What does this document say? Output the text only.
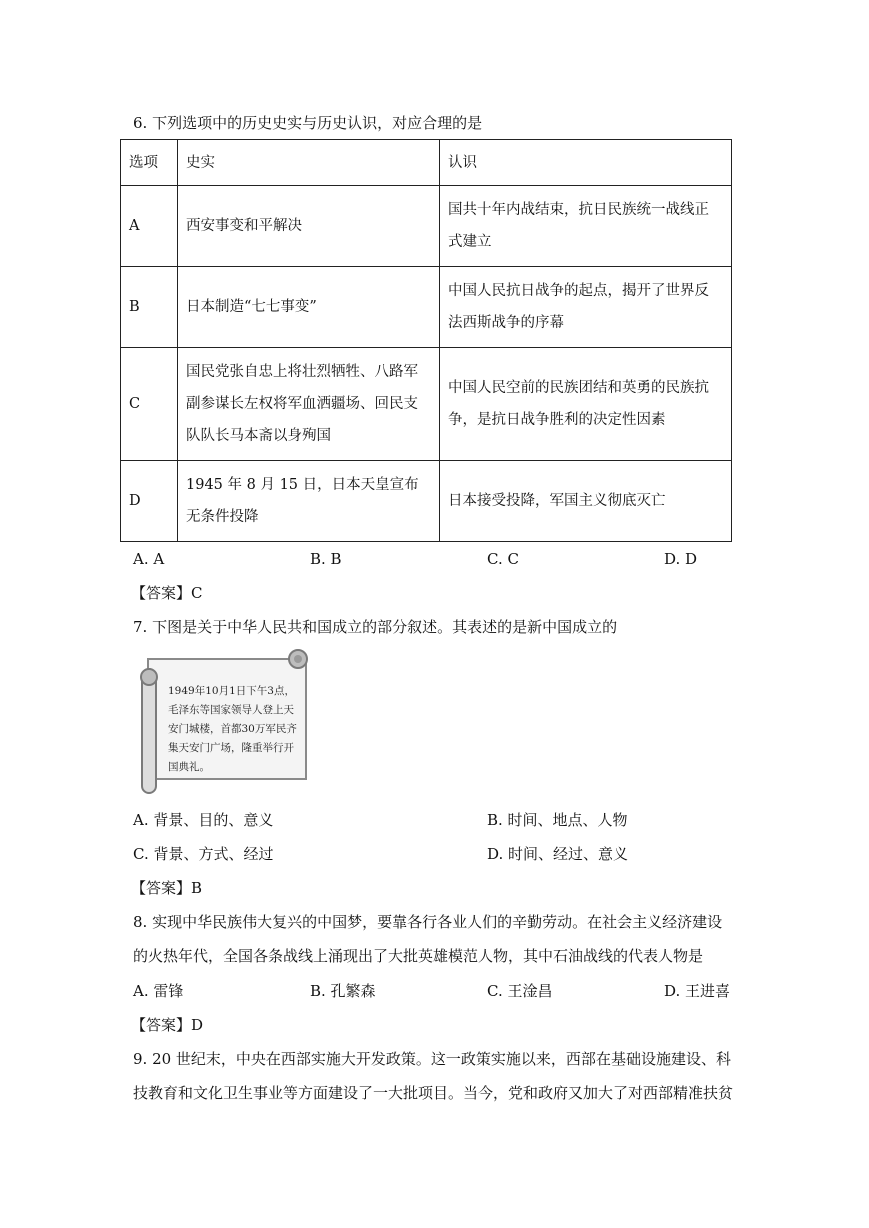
6. 下列选项中的历史史实与历史认识，对应合理的是
选项	史实	认识
A	西安事变和平解决	国共十年内战结束，抗日民族统一战线正式建立
B	日本制造“七七事变”	中国人民抗日战争的起点，揭开了世界反法西斯战争的序幕
C	国民党张自忠上将壮烈牺牲、八路军副参谋长左权将军血洒疆场、回民支队队长马本斋以身殉国	中国人民空前的民族团结和英勇的民族抗争，是抗日战争胜利的决定性因素
D	1945 年 8 月 15 日，日本天皇宣布无条件投降	日本接受投降，军国主义彻底灭亡
A. A	B. B	C. C	D. D
【答案】C
7. 下图是关于中华人民共和国成立的部分叙述。其表述的是新中国成立的
1949年10月1日下午3点，毛泽东等国家领导人登上天安门城楼，首都30万军民齐集天安门广场，隆重举行开国典礼。
A. 背景、目的、意义	B. 时间、地点、人物
C. 背景、方式、经过	D. 时间、经过、意义
【答案】B
8. 实现中华民族伟大复兴的中国梦，要靠各行各业人们的辛勤劳动。在社会主义经济建设
的火热年代，全国各条战线上涌现出了大批英雄模范人物，其中石油战线的代表人物是
A. 雷锋	B. 孔繁森	C. 王淦昌	D. 王进喜
【答案】D
9. 20 世纪末，中央在西部实施大开发政策。这一政策实施以来，西部在基础设施建设、科
技教育和文化卫生事业等方面建设了一大批项目。当今，党和政府又加大了对西部精准扶贫
